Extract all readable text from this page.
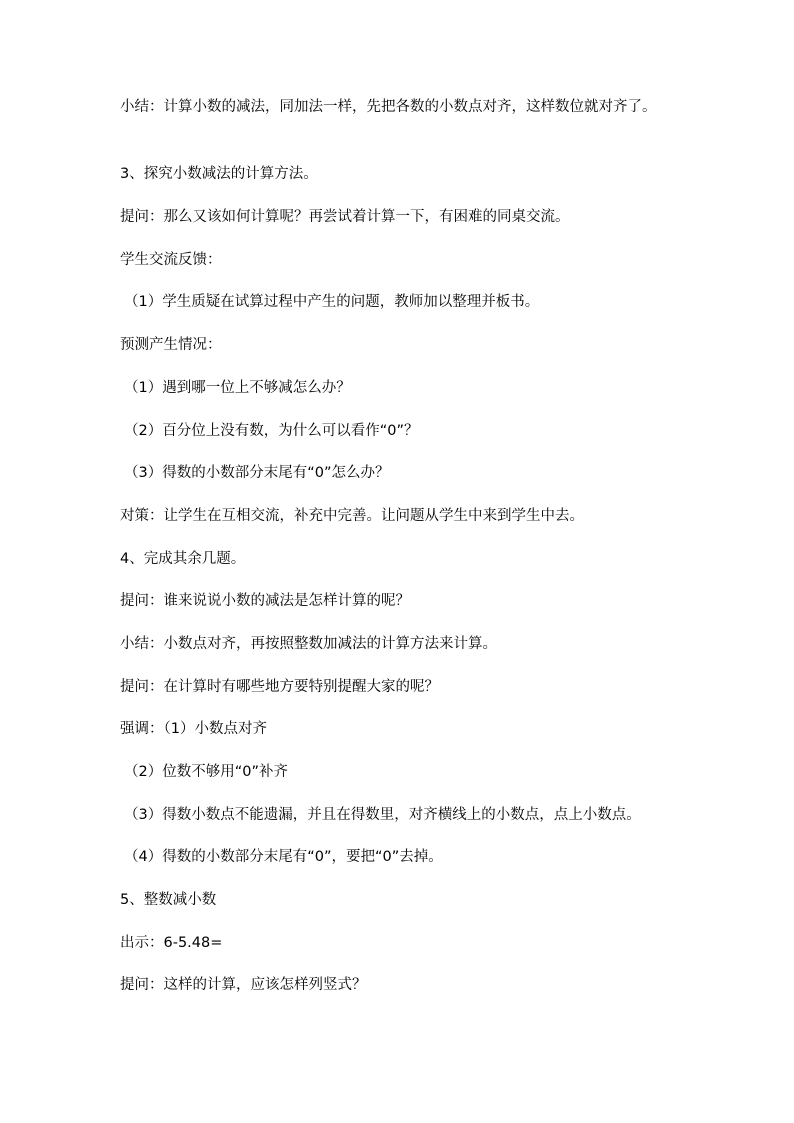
小结：计算小数的减法，同加法一样，先把各数的小数点对齐，这样数位就对齐了。

3、探究小数减法的计算方法。

提问：那么又该如何计算呢？再尝试着计算一下，有困难的同桌交流。

学生交流反馈：

（1）学生质疑在试算过程中产生的问题，教师加以整理并板书。

预测产生情况：

（1）遇到哪一位上不够减怎么办？

（2）百分位上没有数，为什么可以看作“0”？

（3）得数的小数部分末尾有“0”怎么办？

对策：让学生在互相交流，补充中完善。让问题从学生中来到学生中去。

4、完成其余几题。

提问：谁来说说小数的减法是怎样计算的呢？

小结：小数点对齐，再按照整数加减法的计算方法来计算。

提问：在计算时有哪些地方要特别提醒大家的呢？

强调：（1）小数点对齐

（2）位数不够用“0”补齐

（3）得数小数点不能遗漏，并且在得数里，对齐横线上的小数点，点上小数点。

（4）得数的小数部分末尾有“0”，要把“0”去掉。

5、整数减小数

出示：6-5.48=

提问：这样的计算，应该怎样列竖式？
